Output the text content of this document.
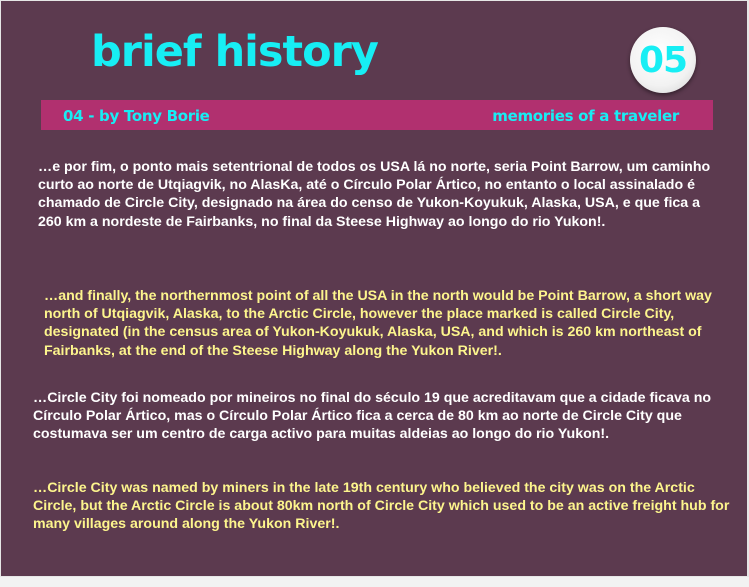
brief history	05
04 - by Tony Borie	memories of a traveler

…e por fim, o ponto mais setentrional de todos os USA lá no norte, seria Point Barrow, um caminho curto ao norte de Utqiagvik, no AlasKa, até o Círculo Polar Ártico, no entanto o local assinalado é chamado de Circle City, designado na área do censo de Yukon-Koyukuk, Alaska, USA, e que fica a 260 km a nordeste de Fairbanks, no final da Steese Highway ao longo do rio Yukon!.

…and finally, the northernmost point of all the USA in the north would be Point Barrow, a short way north of Utqiagvik, Alaska, to the Arctic Circle, however the place marked is called Circle City, designated (in the census area of Yukon-Koyukuk, Alaska, USA, and which is 260 km northeast of Fairbanks, at the end of the Steese Highway along the Yukon River!.

…Circle City foi nomeado por mineiros no final do século 19 que acreditavam que a cidade ficava no Círculo Polar Ártico, mas o Círculo Polar Ártico fica a cerca de 80 km ao norte de Circle City que costumava ser um centro de carga activo para muitas aldeias ao longo do rio Yukon!.

…Circle City was named by miners in the late 19th century who believed the city was on the Arctic Circle, but the Arctic Circle is about 80km north of Circle City which used to be an active freight hub for many villages around along the Yukon River!.
